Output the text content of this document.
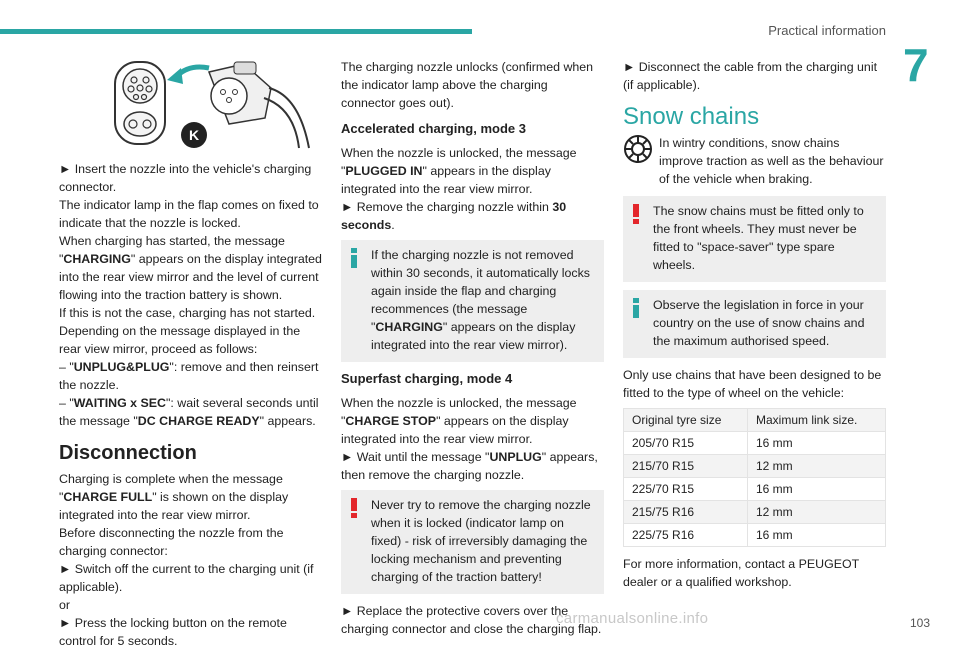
Practical information
7
K

► Insert the nozzle into the vehicle's charging connector.

The indicator lamp in the flap comes on fixed to indicate that the nozzle is locked.

When charging has started, the message "CHARGING" appears on the display integrated into the rear view mirror and the level of current flowing into the traction battery is shown.

If this is not the case, charging has not started.

Depending on the message displayed in the rear view mirror, proceed as follows:

– "UNPLUG&PLUG": remove and then reinsert the nozzle.

– "WAITING x SEC": wait several seconds until the message "DC CHARGE READY" appears.

Disconnection

Charging is complete when the message "CHARGE FULL" is shown on the display integrated into the rear view mirror.

Before disconnecting the nozzle from the charging connector:

► Switch off the current to the charging unit (if applicable).

or

► Press the locking button on the remote control for 5 seconds.

The charging nozzle unlocks (confirmed when the indicator lamp above the charging connector goes out).

Accelerated charging, mode 3

When the nozzle is unlocked, the message "PLUGGED IN" appears in the display integrated into the rear view mirror.

► Remove the charging nozzle within 30 seconds.

If the charging nozzle is not removed within 30 seconds, it automatically locks again inside the flap and charging recommences (the message "CHARGING" appears on the display integrated into the rear view mirror).

Superfast charging, mode 4

When the nozzle is unlocked, the message "CHARGE STOP" appears on the display integrated into the rear view mirror.

► Wait until the message "UNPLUG" appears, then remove the charging nozzle.

Never try to remove the charging nozzle when it is locked (indicator lamp on fixed) - risk of irreversibly damaging the locking mechanism and preventing charging of the traction battery!

► Replace the protective covers over the charging connector and close the charging flap.

► Disconnect the cable from the charging unit (if applicable).

Snow chains

In wintry conditions, snow chains improve traction as well as the behaviour of the vehicle when braking.

The snow chains must be fitted only to the front wheels. They must never be fitted to "space-saver" type spare wheels.

Observe the legislation in force in your country on the use of snow chains and the maximum authorised speed.

Only use chains that have been designed to be fitted to the type of wheel on the vehicle:

Original tyre size	Maximum link size.
205/70 R15	16 mm
215/70 R15	12 mm
225/70 R15	16 mm
215/75 R16	12 mm
225/75 R16	16 mm

For more information, contact a PEUGEOT dealer or a qualified workshop.

carmanualsonline.info	103
